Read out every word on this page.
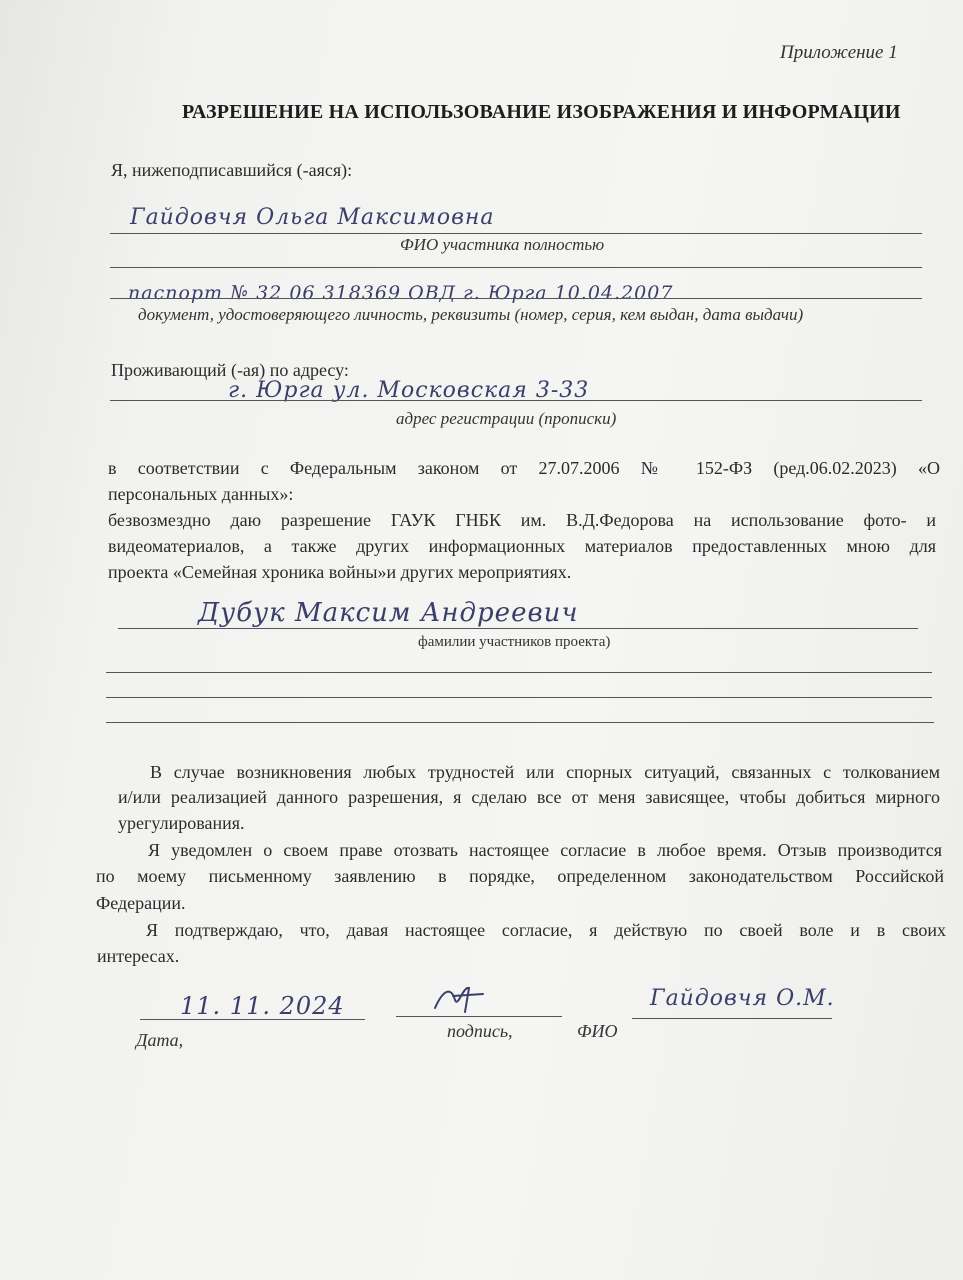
Приложение 1
РАЗРЕШЕНИЕ НА ИСПОЛЬЗОВАНИЕ ИЗОБРАЖЕНИЯ И ИНФОРМАЦИИ
Я, нижеподписавшийся (-аяся):
Гайдовчя Ольга Максимовна
ФИО участника полностью
паспорт № 32 06 318369 ОВД г. Юрга 10.04.2007
документ, удостоверяющего личность, реквизиты (номер, серия, кем выдан, дата выдачи)
Проживающий (-ая) по адресу:
г. Юрга ул. Московская 3-33
адрес регистрации (прописки)
в соответствии с Федеральным законом от 27.07.2006 № 152-ФЗ (ред.06.02.2023) «О
персональных данных»:
безвозмездно даю разрешение ГАУК ГНБК им. В.Д.Федорова на использование фото- и
видеоматериалов, а также других информационных материалов предоставленных мною для
проекта «Семейная хроника войны»и других мероприятиях.
Дубук Максим Андреевич
фамилии участников проекта)
В случае возникновения любых трудностей или спорных ситуаций, связанных с толкованием
и/или реализацией данного разрешения, я сделаю все от меня зависящее, чтобы добиться мирного
урегулирования.
Я уведомлен о своем праве отозвать настоящее согласие в любое время. Отзыв производится
по моему письменному заявлению в порядке, определенном законодательством Российской
Федерации.
Я подтверждаю, что, давая настоящее согласие, я действую по своей воле и в своих
интересах.
11. 11. 2024
Дата,	подпись,	ФИО
Гайдовчя О.М.
